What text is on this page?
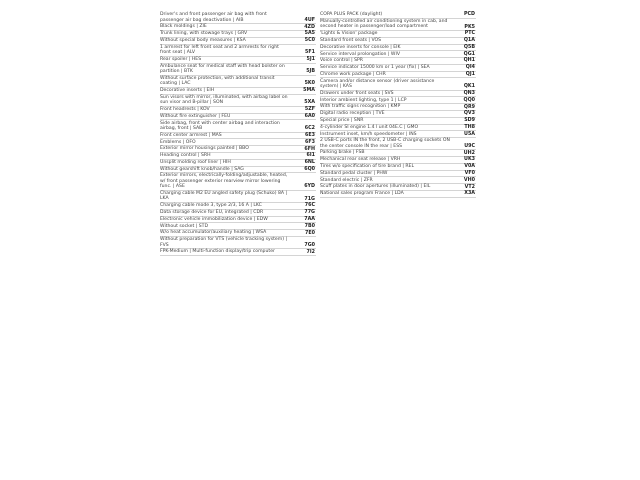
Driver's and front passenger air bag with front passenger air bag deactivation | AIB	4UF
Black moldings | ZIE	4ZD
Trunk lining, with stowage trays | GRV	5A5
Without special body measures | KSA	5C0
1 armrest for left front seat and 2 armrests for right front seat | ALV	5F1
Rear spoiler | HES	5J1
Ambulance seat for medical staff with head bolster on partition | BTK	5JB
Without surface protection, with additional transit coating | LAC	5K0
Decorative inserts | EIH	5MA
Sun visors with mirror, illuminated, with airbag label on sun visor and B-pillar | SON	5XA
Front headrests | KOV	5ZF
Without fire extinguisher | FEU	6A0
Side airbag, front with center airbag and interaction airbag, front | SAB	6C2
Front center armrest | MAS	6E3
Emblems | OFO	6F3
Exterior mirror housings painted | BBO	6FH
Heading control | SRH	6I1
Unsplit molding roof liner | HIH	6NL
Without gearshift knob/handle | SAG	6Q0
Exterior mirrors, electrically-folding/adjustable, heated, w/ front passenger exterior rearview mirror lowering func. | ASE	6YD
Charging cable M2 EU angled safety plug (Schuko) 8A | LKA	71G
Charging cable mode 3, type 2/3, 16 A | LKC	76C
Data storage device for EU, integrated | CDR	77G
Electronic vehicle immobilization device | EDW	7AA
Without socket | STD	7B0
W/o heat accumulator/auxiliary heating | WSA	7E0
Without preparation for VTS (vehicle tracking system) | FVS	7G0
FPK-Medium | Multi-function display/trip computer	7I2
COPA PLUS PACK (daylight)	PCD
Manually-controlled air conditioning system in cab, and second heater in passenger/load compartment	PK5
'Lights & Vision' package	PTC
Standard front seats | VOS	Q1A
Decorative inserts for console | EIK	Q5B
Service interval prolongation | WIV	QG1
Voice control | SPR	QH1
Service indicator 15000 km or 1 year (fix) | SEA	QI4
Chrome work package | CHR	QJ1
Camera and/or distance sensor (driver assistance system) | KAS	QK1
Drawers under front seats | SVS	QN3
Interior ambient lighting, type 1 | LCP	QQ0
With traffic signs recognition | KMP	QR9
Digital radio reception | TVE	QV3
Special price | SNR	SD9
4-cylinder SI engine 1.4 l unit 04E.C | GMO	TH8
Instrument inset, km/h speedometer | INS	U5A
2 USB-C ports IN the front, 2 USB-C charging sockets ON the center console IN the rear | ESS	U9C
Parking brake | FSB	UH2
Mechanical rear seat release | VRH	UK3
Tires w/o specification of tire brand | REL	V0A
Standard pedal cluster | PHW	VF0
Standard electric | ZFR	VH0
Scuff plates in door apertures (illuminated) | EIL	VT2
National sales program France | LDA	X3A
